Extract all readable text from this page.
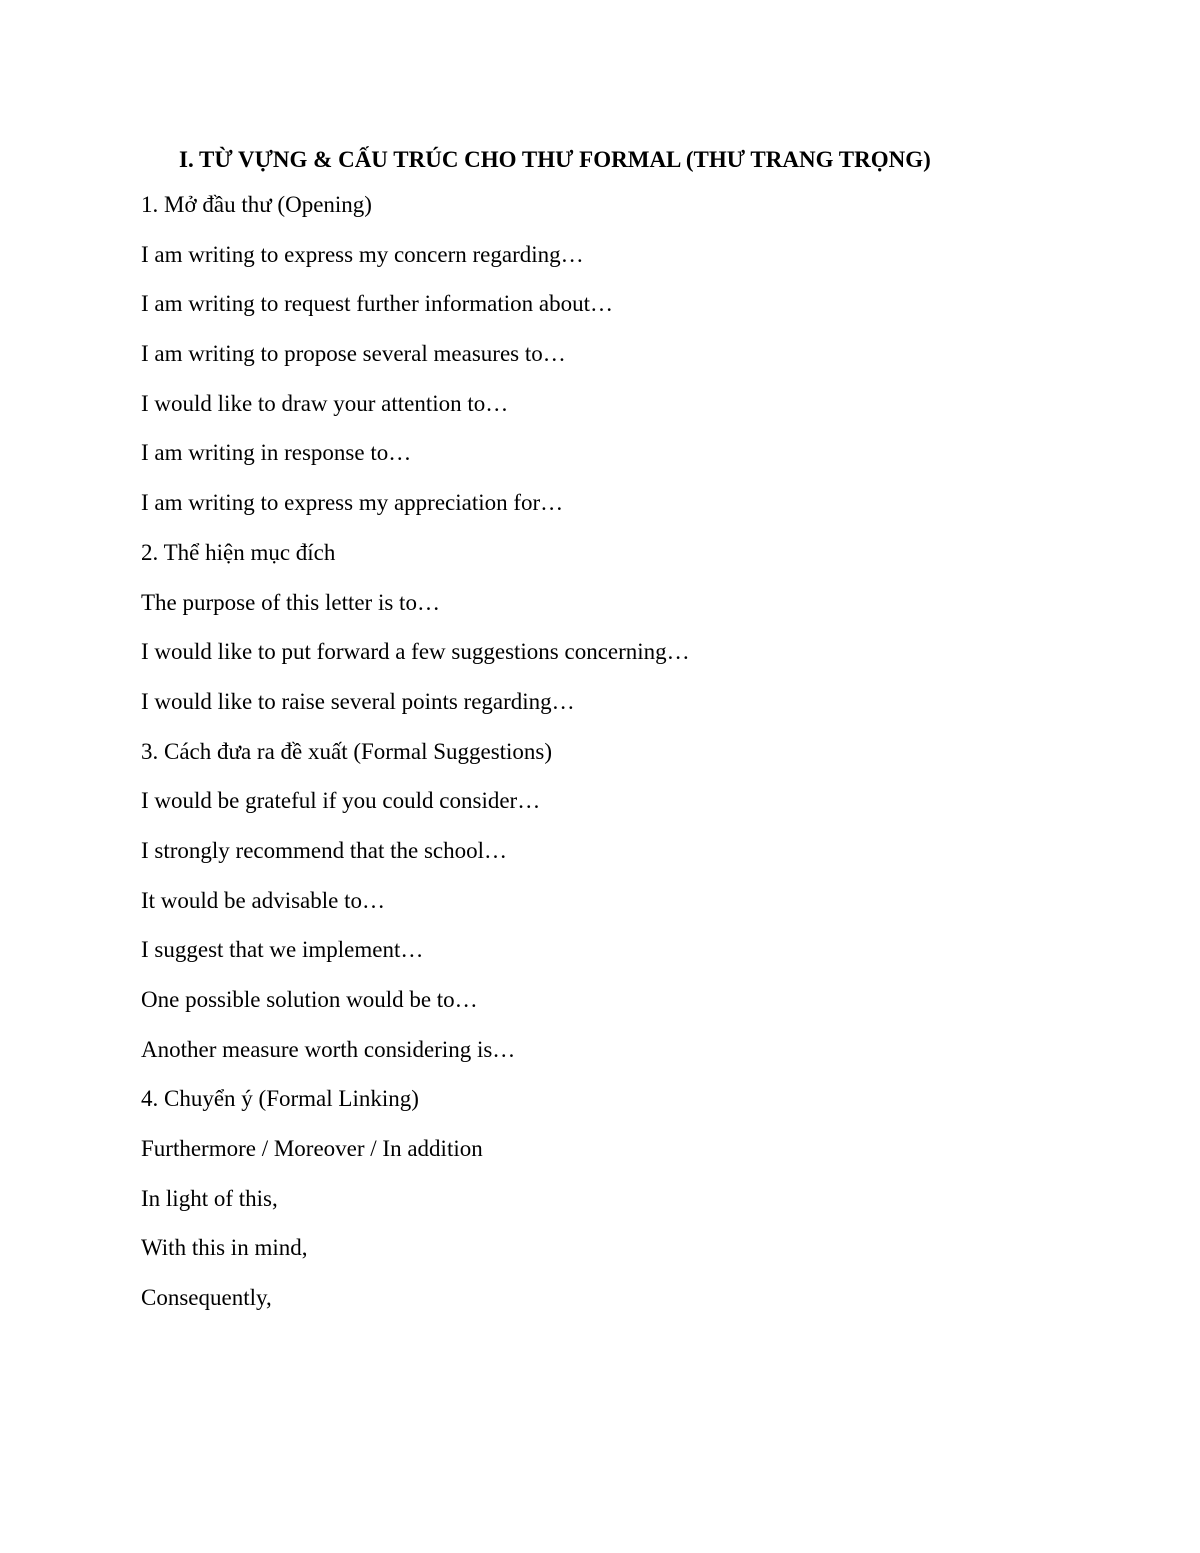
I. TỪ VỰNG & CẤU TRÚC CHO THƯ FORMAL (THƯ TRANG TRỌNG)
1. Mở đầu thư (Opening)
I am writing to express my concern regarding…
I am writing to request further information about…
I am writing to propose several measures to…
I would like to draw your attention to…
I am writing in response to…
I am writing to express my appreciation for…
2. Thể hiện mục đích
The purpose of this letter is to…
I would like to put forward a few suggestions concerning…
I would like to raise several points regarding…
3. Cách đưa ra đề xuất (Formal Suggestions)
I would be grateful if you could consider…
I strongly recommend that the school…
It would be advisable to…
I suggest that we implement…
One possible solution would be to…
Another measure worth considering is…
4. Chuyển ý (Formal Linking)
Furthermore / Moreover / In addition
In light of this,
With this in mind,
Consequently,
